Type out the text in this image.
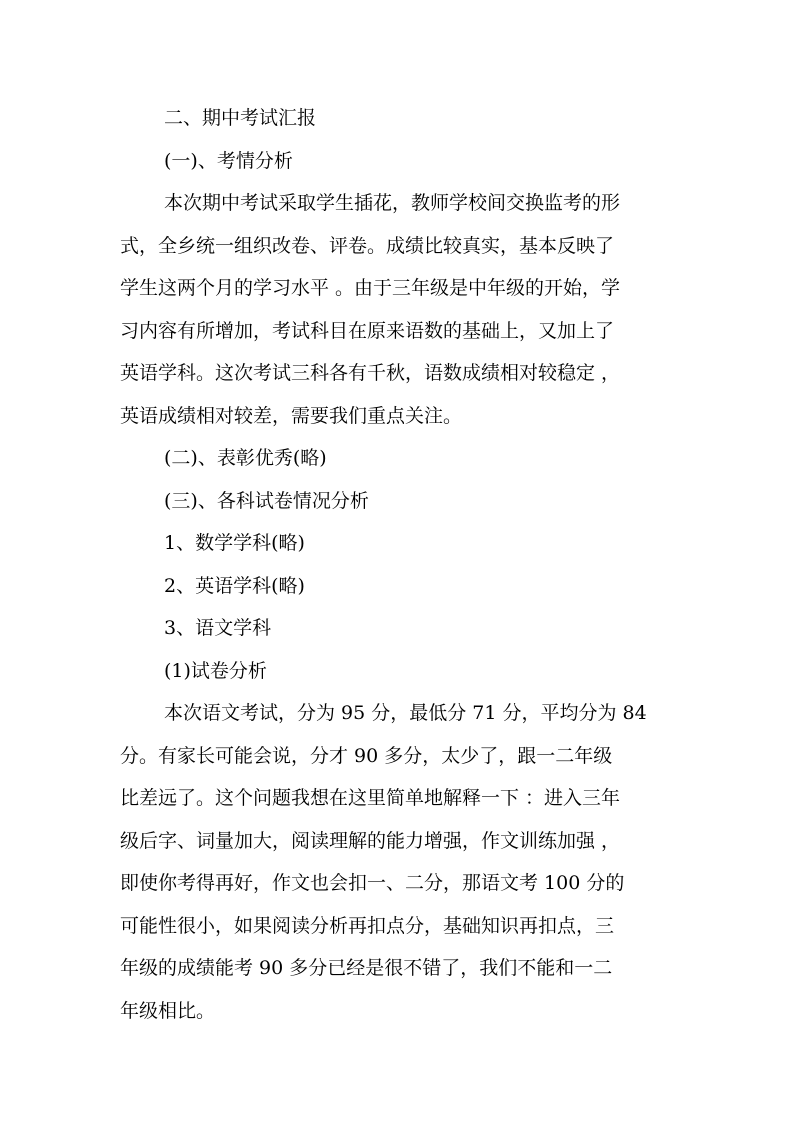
二、期中考试汇报

(一)、考情分析

本次期中考试采取学生插花，教师学校间交换监考的形

式，全乡统一组织改卷、评卷。成绩比较真实，基本反映了

学生这两个月的学习水平 。由于三年级是中年级的开始，学

习内容有所增加，考试科目在原来语数的基础上，又加上了

英语学科。这次考试三科各有千秋，语数成绩相对较稳定 ，

英语成绩相对较差，需要我们重点关注。

(二)、表彰优秀(略)

(三)、各科试卷情况分析

1、数学学科(略)

2、英语学科(略)

3、语文学科

(1)试卷分析

本次语文考试，分为 95 分，最低分 71 分，平均分为 84

分。有家长可能会说，分才 90 多分，太少了，跟一二年级

比差远了。这个问题我想在这里简单地解释一下 ：进入三年

级后字、词量加大，阅读理解的能力增强，作文训练加强 ，

即使你考得再好，作文也会扣一、二分，那语文考 100 分的

可能性很小，如果阅读分析再扣点分，基础知识再扣点，三

年级的成绩能考 90 多分已经是很不错了，我们不能和一二

年级相比。
